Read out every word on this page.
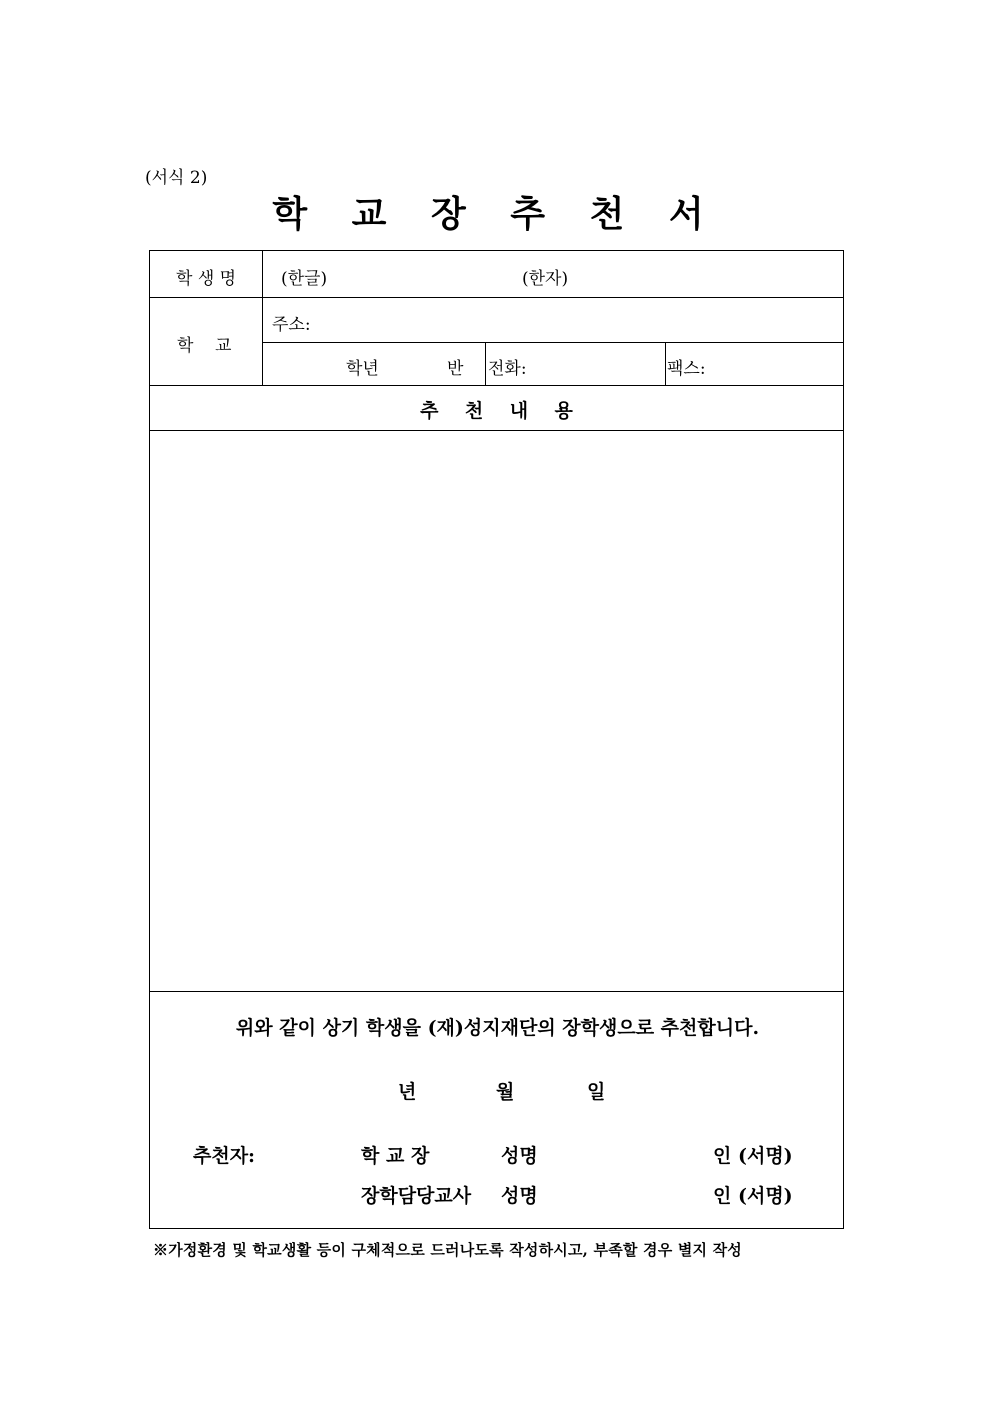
(서식 2)
학 교 장 추 천 서
학 생 명	(한글)	(한자)
학    교
주소:
학년	반 전화:	팩스:
추    천    내    용
위와 같이 상기 학생을 (재)성지재단의 장학생으로 추천합니다.
년	월	일
추천자:	학 교 장	성명	인 (서명)
장학담당교사 성명	인 (서명)
※가정환경 및 학교생활 등이 구체적으로 드러나도록 작성하시고, 부족할 경우 별지 작성
